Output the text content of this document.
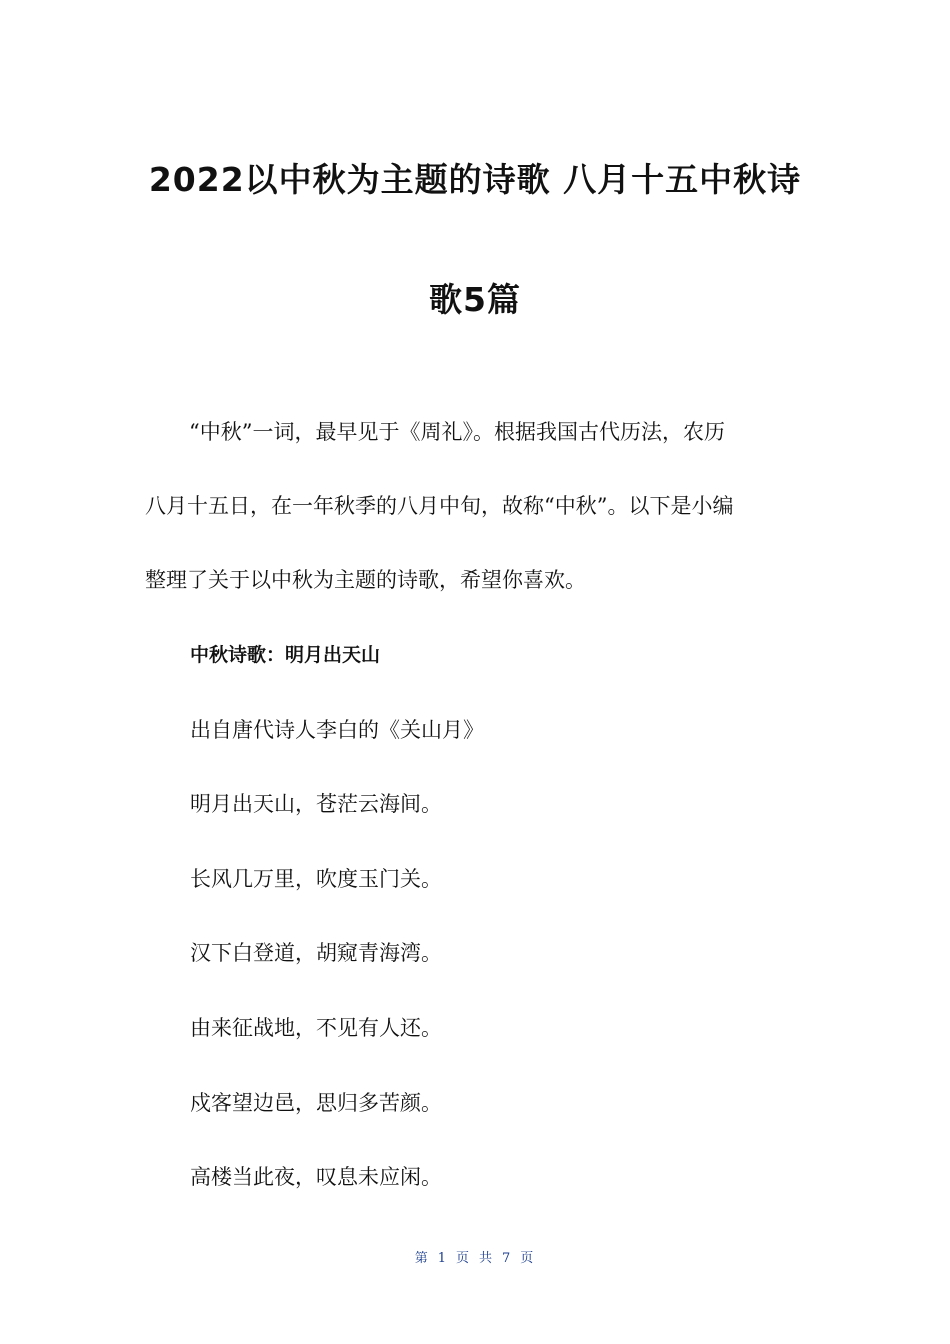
2022以中秋为主题的诗歌 八月十五中秋诗
歌5篇
“中秋”一词，最早见于《周礼》。根据我国古代历法，农历
八月十五日，在一年秋季的八月中旬，故称“中秋”。以下是小编
整理了关于以中秋为主题的诗歌，希望你喜欢。
中秋诗歌：明月出天山
出自唐代诗人李白的《关山月》
明月出天山，苍茫云海间。
长风几万里，吹度玉门关。
汉下白登道，胡窥青海湾。
由来征战地，不见有人还。
戍客望边邑，思归多苦颜。
高楼当此夜，叹息未应闲。
第 1 页 共 7 页
